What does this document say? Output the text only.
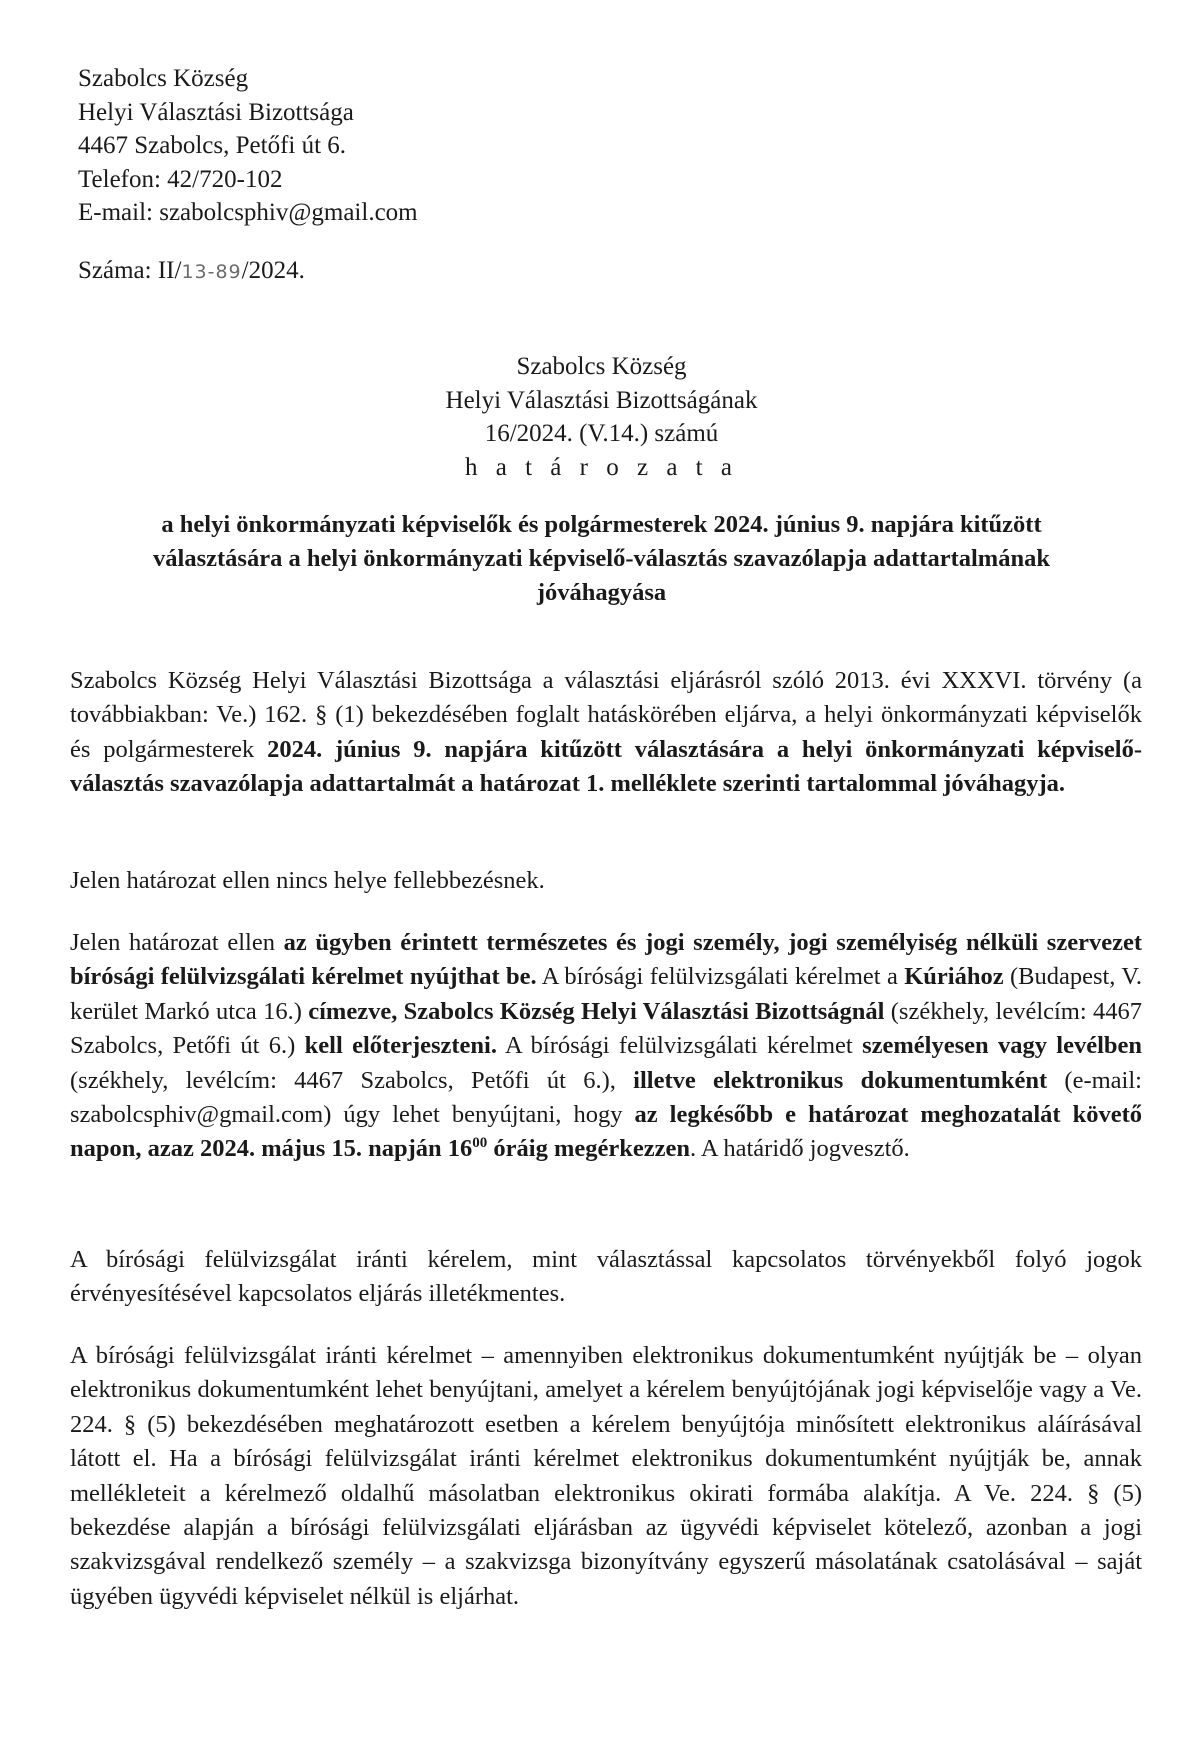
Szabolcs Község
Helyi Választási Bizottsága
4467 Szabolcs, Petőfi út 6.
Telefon: 42/720-102
E-mail: szabolcsphiv@gmail.com
Száma: II/13-89/2024.
Szabolcs Község
Helyi Választási Bizottságának
16/2024. (V.14.) számú
h a t á r o z a t a
a helyi önkormányzati képviselők és polgármesterek 2024. június 9. napjára kitűzött
választására a helyi önkormányzati képviselő-választás szavazólapja adattartalmának
jóváhagyása
Szabolcs Község Helyi Választási Bizottsága a választási eljárásról szóló 2013. évi XXXVI. törvény (a továbbiakban: Ve.) 162. § (1) bekezdésében foglalt hatáskörében eljárva, a helyi önkormányzati képviselők és polgármesterek 2024. június 9. napjára kitűzött választására a helyi önkormányzati képviselő-választás szavazólapja adattartalmát a határozat 1. melléklete szerinti tartalommal jóváhagyja.
Jelen határozat ellen nincs helye fellebbezésnek.
Jelen határozat ellen az ügyben érintett természetes és jogi személy, jogi személyiség nélküli szervezet bírósági felülvizsgálati kérelmet nyújthat be. A bírósági felülvizsgálati kérelmet a Kúriához (Budapest, V. kerület Markó utca 16.) címezve, Szabolcs Község Helyi Választási Bizottságnál (székhely, levélcím: 4467 Szabolcs, Petőfi út 6.) kell előterjeszteni. A bírósági felülvizsgálati kérelmet személyesen vagy levélben (székhely, levélcím: 4467 Szabolcs, Petőfi út 6.), illetve elektronikus dokumentumként (e-mail: szabolcsphiv@gmail.com) úgy lehet benyújtani, hogy az legkésőbb e határozat meghozatalát követő napon, azaz 2024. május 15. napján $16^{00}$ óráig megérkezzen. A határidő jogvesztő.
A bírósági felülvizsgálat iránti kérelem, mint választással kapcsolatos törvényekből folyó jogok érvényesítésével kapcsolatos eljárás illetékmentes.
A bírósági felülvizsgálat iránti kérelmet – amennyiben elektronikus dokumentumként nyújtják be – olyan elektronikus dokumentumként lehet benyújtani, amelyet a kérelem benyújtójának jogi képviselője vagy a Ve. 224. § (5) bekezdésében meghatározott esetben a kérelem benyújtója minősített elektronikus aláírásával látott el. Ha a bírósági felülvizsgálat iránti kérelmet elektronikus dokumentumként nyújtják be, annak mellékleteit a kérelmező oldalhű másolatban elektronikus okirati formába alakítja. A Ve. 224. § (5) bekezdése alapján a bírósági felülvizsgálati eljárásban az ügyvédi képviselet kötelező, azonban a jogi szakvizsgával rendelkező személy – a szakvizsga bizonyítvány egyszerű másolatának csatolásával – saját ügyében ügyvédi képviselet nélkül is eljárhat.
